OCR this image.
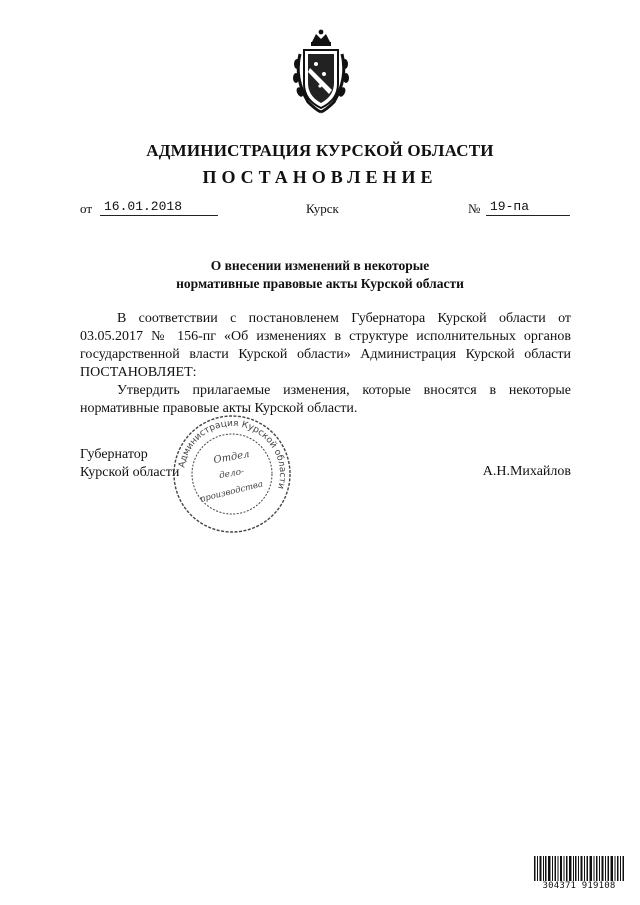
АДМИНИСТРАЦИЯ КУРСКОЙ ОБЛАСТИ
ПОСТАНОВЛЕНИЕ
от 16.01.2018	Курск	№ 19-па
О внесении изменений в некоторые
нормативные правовые акты Курской области

В соответствии с постановленем Губернатора Курской области от 03.05.2017 № 156-пг «Об изменениях в структуре исполнительных органов государственной власти Курской области» Администрация Курской области ПОСТАНОВЛЯЕТ:

Утвердить прилагаемые изменения, которые вносятся в некоторые нормативные правовые акты Курской области.

Губернатор
Курской области	А.Н.Михайлов
Администрация Курской области
Отдел
дело-
производства
304371 919108
